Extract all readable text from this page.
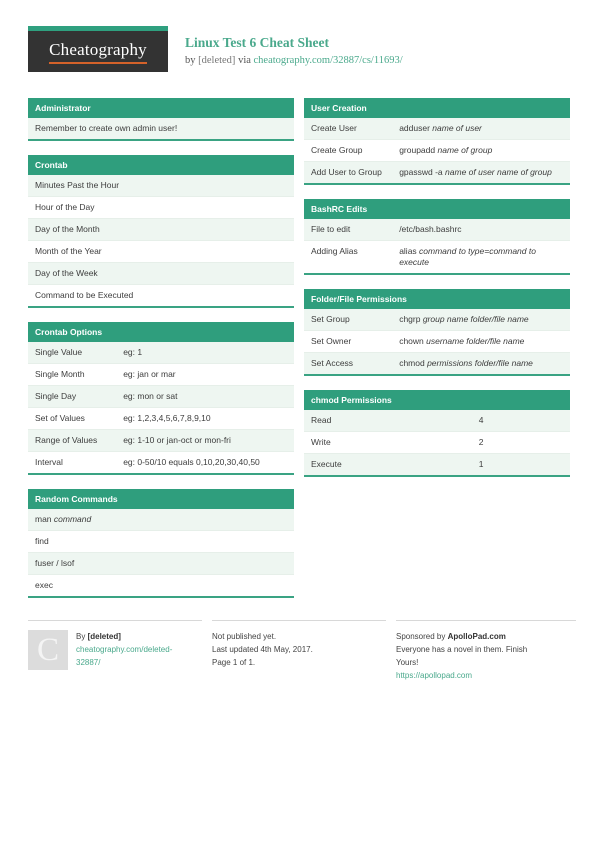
Cheatography	Linux Test 6 Cheat Sheet
by [deleted] via cheatography.com/32887/cs/11693/
Administrator
Remember to create own admin user!
Crontab
Minutes Past the Hour
Hour of the Day
Day of the Month
Month of the Year
Day of the Week
Command to be Executed
Crontab Options
Single Value	eg: 1
Single Month	eg: jan or mar
Single Day	eg: mon or sat
Set of Values	eg: 1,2,3,4,5,6,7,8,9,10
Range of Values	eg: 1-10 or jan-oct or mon-fri
Interval	eg: 0-50/10 equals 0,10,20,30,40,50
Random Commands
man command
find
fuser / lsof
exec
User Creation
Create User	adduser name of user
Create Group	groupadd name of group
Add User to Group	gpasswd -a name of user name of group
BashRC Edits
File to edit	/etc/bash.bashrc
Adding Alias	alias command to type=command to execute
Folder/File Permissions
Set Group	chgrp group name folder/file name
Set Owner	chown username folder/file name
Set Access	chmod permissions folder/file name
chmod Permissions
Read	4
Write	2
Execute	1
C	By [deleted]
cheatography.com/deleted-
32887/
Not published yet.
Last updated 4th May, 2017.
Page 1 of 1.
Sponsored by ApolloPad.com
Everyone has a novel in them. Finish
Yours!
https://apollopad.com
